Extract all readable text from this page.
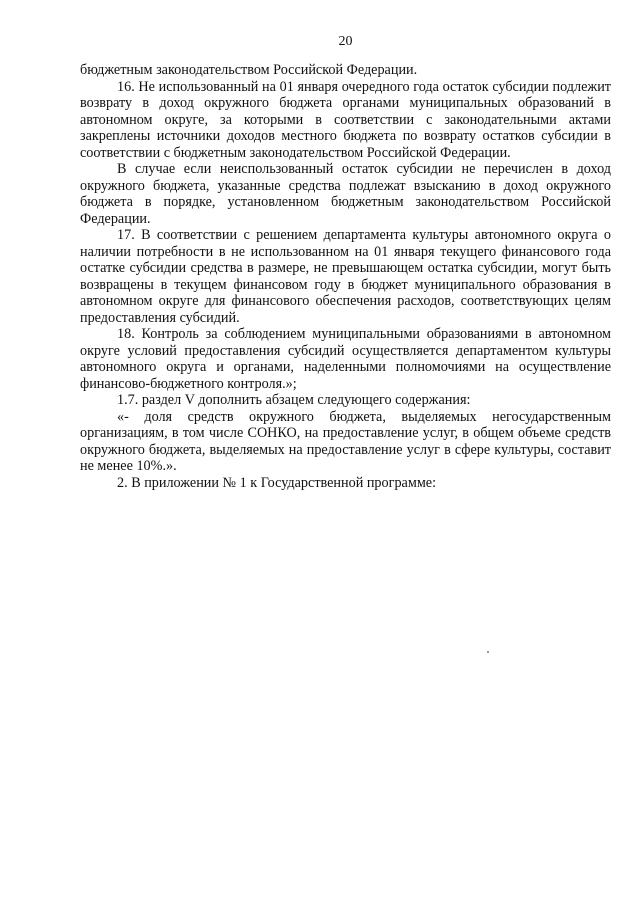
20

бюджетным законодательством Российской Федерации.

16. Не использованный на 01 января очередного года остаток субсидии подлежит возврату в доход окружного бюджета органами муниципальных образований в автономном округе, за которыми в соответствии с законодательными актами закреплены источники доходов местного бюджета по возврату остатков субсидии в соответствии с бюджетным законодательством Российской Федерации.

В случае если неиспользованный остаток субсидии не перечислен в доход окружного бюджета, указанные средства подлежат взысканию в доход окружного бюджета в порядке, установленном бюджетным законодательством Российской Федерации.

17. В соответствии с решением департамента культуры автономного округа о наличии потребности в не использованном на 01 января текущего финансового года остатке субсидии средства в размере, не превышающем остатка субсидии, могут быть возвращены в текущем финансовом году в бюджет муниципального образования в автономном округе для финансового обеспечения расходов, соответствующих целям предоставления субсидий.

18. Контроль за соблюдением муниципальными образованиями в автономном округе условий предоставления субсидий осуществляется департаментом культуры автономного округа и органами, наделенными полномочиями на осуществление финансово-бюджетного контроля.»;

1.7. раздел V дополнить абзацем следующего содержания:

«- доля средств окружного бюджета, выделяемых негосударственным организациям, в том числе СОНКО, на предоставление услуг, в общем объеме средств окружного бюджета, выделяемых на предоставление услуг в сфере культуры, составит не менее 10%.».

2. В приложении № 1 к Государственной программе:
